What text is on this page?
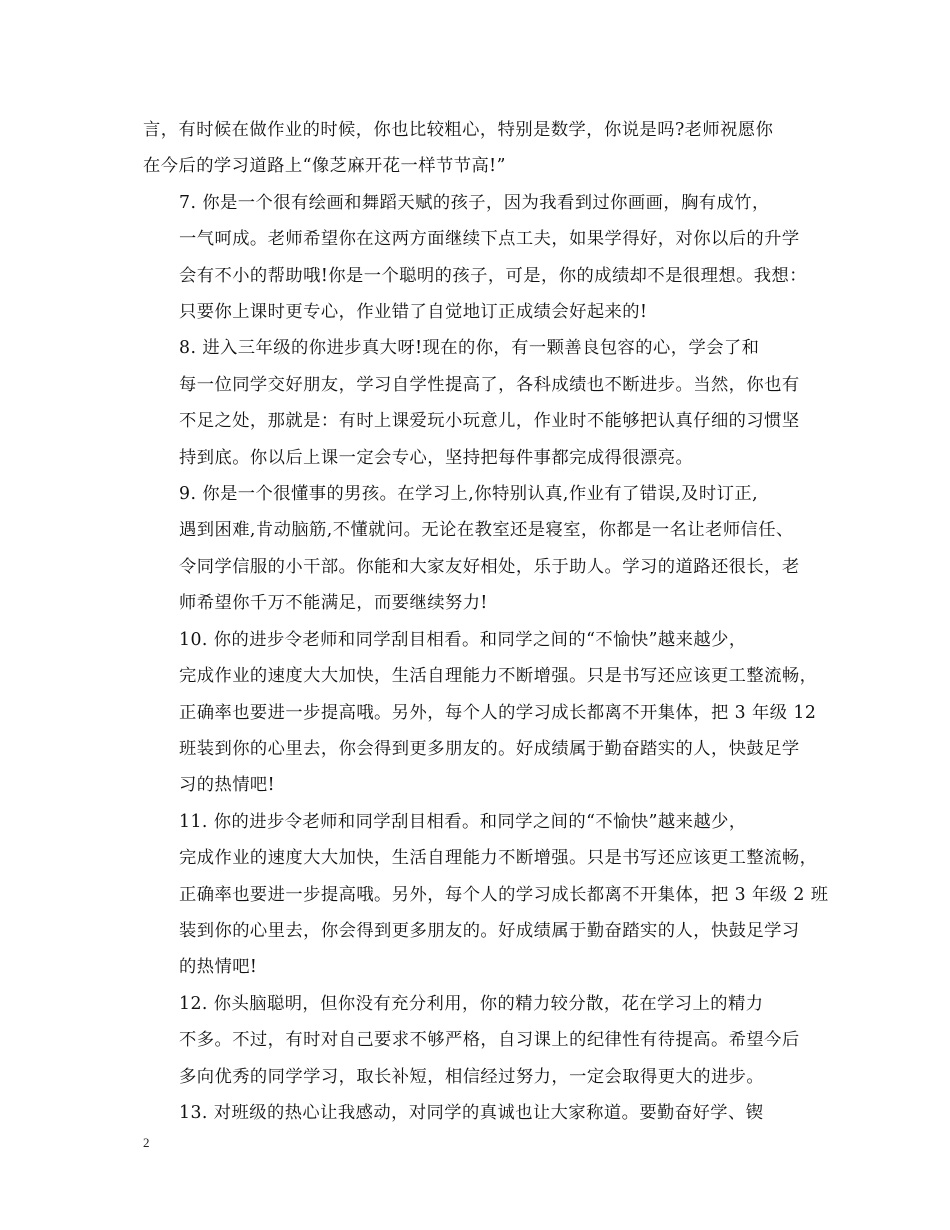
言，有时候在做作业的时候，你也比较粗心，特别是数学，你说是吗?老师祝愿你
在今后的学习道路上“像芝麻开花一样节节高!”

7. 你是一个很有绘画和舞蹈天赋的孩子，因为我看到过你画画，胸有成竹，
一气呵成。老师希望你在这两方面继续下点工夫，如果学得好，对你以后的升学
会有不小的帮助哦!你是一个聪明的孩子，可是，你的成绩却不是很理想。我想：
只要你上课时更专心，作业错了自觉地订正成绩会好起来的!

8. 进入三年级的你进步真大呀!现在的你，有一颗善良包容的心，学会了和
每一位同学交好朋友，学习自学性提高了，各科成绩也不断进步。当然，你也有
不足之处，那就是：有时上课爱玩小玩意儿，作业时不能够把认真仔细的习惯坚
持到底。你以后上课一定会专心，坚持把每件事都完成得很漂亮。

9. 你是一个很懂事的男孩。在学习上,你特别认真,作业有了错误,及时订正,
遇到困难,肯动脑筋,不懂就问。无论在教室还是寝室，你都是一名让老师信任、
令同学信服的小干部。你能和大家友好相处，乐于助人。学习的道路还很长，老
师希望你千万不能满足，而要继续努力!

10. 你的进步令老师和同学刮目相看。和同学之间的“不愉快”越来越少，
完成作业的速度大大加快，生活自理能力不断增强。只是书写还应该更工整流畅，
正确率也要进一步提高哦。另外，每个人的学习成长都离不开集体，把 3 年级 12
班装到你的心里去，你会得到更多朋友的。好成绩属于勤奋踏实的人，快鼓足学
习的热情吧!

11. 你的进步令老师和同学刮目相看。和同学之间的“不愉快”越来越少，
完成作业的速度大大加快，生活自理能力不断增强。只是书写还应该更工整流畅，
正确率也要进一步提高哦。另外，每个人的学习成长都离不开集体，把 3 年级 2 班
装到你的心里去，你会得到更多朋友的。好成绩属于勤奋踏实的人，快鼓足学习
的热情吧!

12. 你头脑聪明，但你没有充分利用，你的精力较分散，花在学习上的精力
不多。不过，有时对自己要求不够严格，自习课上的纪律性有待提高。希望今后
多向优秀的同学学习，取长补短，相信经过努力，一定会取得更大的进步。

13. 对班级的热心让我感动，对同学的真诚也让大家称道。要勤奋好学、锲

2
